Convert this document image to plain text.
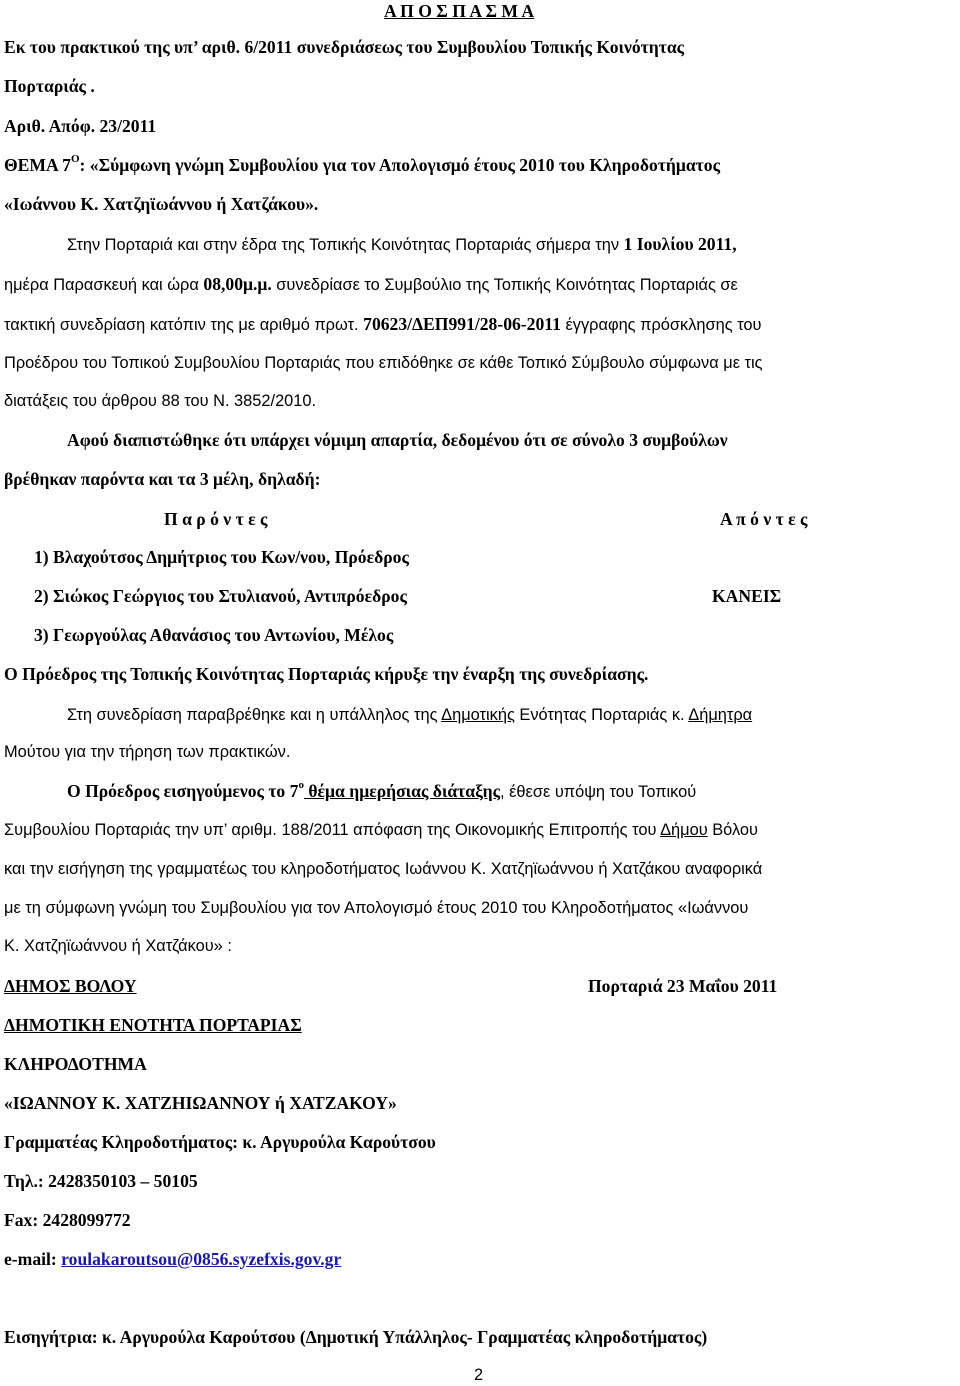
Α Π Ο Σ Π Α Σ Μ Α
Εκ του πρακτικού της υπ’ αριθ. 6/2011 συνεδριάσεως του Συμβουλίου Τοπικής Κοινότητας
Πορταριάς .
Αριθ. Απόφ. 23/2011
ΘΕΜΑ $7^O$: «Σύμφωνη γνώμη Συμβουλίου για τον Απολογισμό έτους 2010 του Κληροδοτήματος
«Ιωάννου Κ. Χατζηϊωάννου ή Χατζάκου».
Στην Πορταριά και στην έδρα της Τοπικής Κοινότητας Πορταριάς σήμερα την 1 Ιουλίου 2011,
ημέρα Παρασκευή και ώρα 08,00μ.μ. συνεδρίασε το Συμβούλιο της Τοπικής Κοινότητας Πορταριάς σε
τακτική συνεδρίαση κατόπιν της με αριθμό πρωτ. 70623/ΔΕΠ991/28-06-2011 έγγραφης πρόσκλησης του
Προέδρου του Τοπικού Συμβουλίου Πορταριάς που επιδόθηκε σε κάθε Τοπικό Σύμβουλο σύμφωνα με τις
διατάξεις του άρθρου 88 του Ν. 3852/2010.
Αφού διαπιστώθηκε ότι υπάρχει νόμιμη απαρτία, δεδομένου ότι σε σύνολο 3 συμβούλων
βρέθηκαν παρόντα και τα 3 μέλη, δηλαδή:
Π α ρ ό ν τ ε ς	Α π ό ν τ ε ς
1) Βλαχούτσος Δημήτριος του Κων/νου, Πρόεδρος
2) Σιώκος Γεώργιος του Στυλιανού, Αντιπρόεδρος	ΚΑΝΕΙΣ
3) Γεωργούλας Αθανάσιος του Αντωνίου, Μέλος
Ο Πρόεδρος της Τοπικής Κοινότητας Πορταριάς κήρυξε την έναρξη της συνεδρίασης.
Στη συνεδρίαση παραβρέθηκε και η υπάλληλος της Δημοτικής Ενότητας Πορταριάς κ. Δήμητρα
Μούτου για την τήρηση των πρακτικών.
Ο Πρόεδρος εισηγούμενος το $7^o$ θέμα ημερήσιας διάταξης, έθεσε υπόψη του Τοπικού
Συμβουλίου Πορταριάς την υπ’ αριθμ. 188/2011 απόφαση της Οικονομικής Επιτροπής του Δήμου Βόλου
και την εισήγηση της γραμματέως του κληροδοτήματος Ιωάννου Κ. Χατζηϊωάννου ή Χατζάκου αναφορικά
με τη σύμφωνη γνώμη του Συμβουλίου για τον Απολογισμό έτους 2010 του Κληροδοτήματος «Ιωάννου
Κ. Χατζηϊωάννου ή Χατζάκου» :
ΔΗΜΟΣ ΒΟΛΟΥ	Πορταριά 23 Μαΐου 2011
ΔΗΜΟΤΙΚΗ ΕΝΟΤΗΤΑ ΠΟΡΤΑΡΙΑΣ
ΚΛΗΡΟΔΟΤΗΜΑ
«ΙΩΑΝΝΟΥ Κ. ΧΑΤΖΗΙΩΑΝΝΟΥ ή ΧΑΤΖΑΚΟΥ»
Γραμματέας Κληροδοτήματος: κ. Αργυρούλα Καρούτσου
Τηλ.: 2428350103 – 50105
Fax: 2428099772
e-mail: roulakaroutsou@0856.syzefxis.gov.gr
Εισηγήτρια: κ. Αργυρούλα Καρούτσου (Δημοτική Υπάλληλος- Γραμματέας κληροδοτήματος)
2
